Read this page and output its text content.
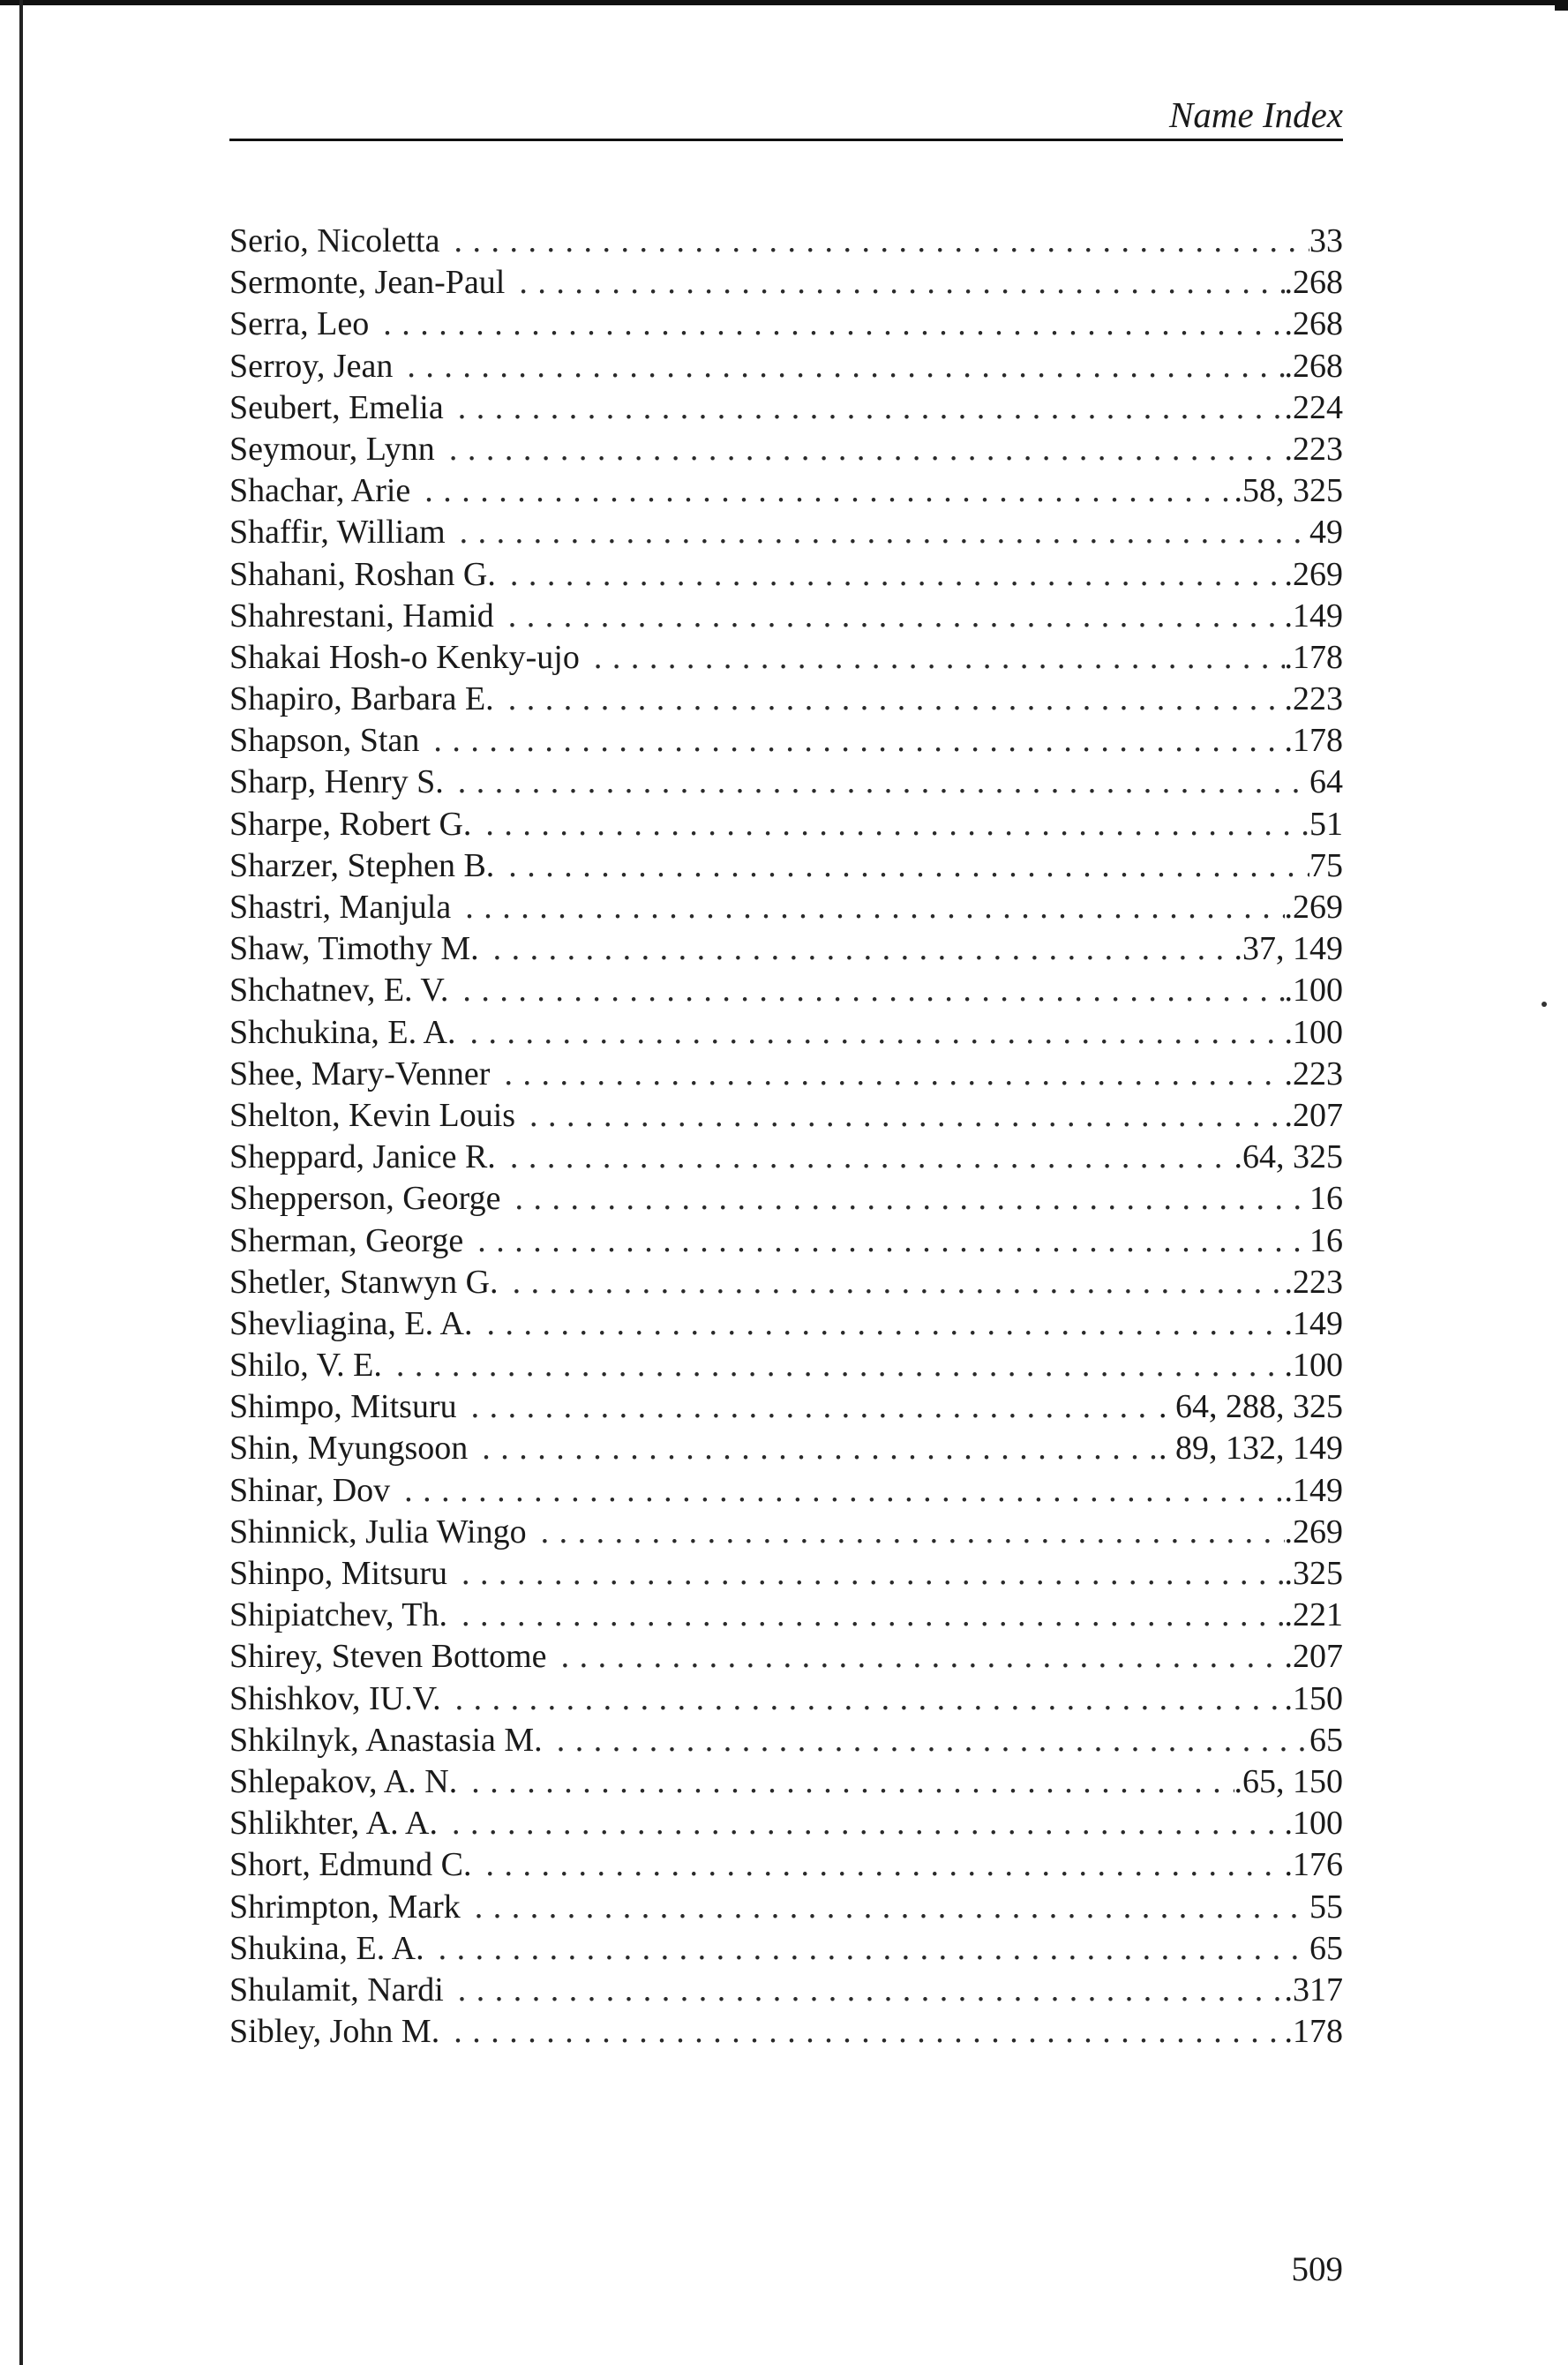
Name Index
Serio, Nicoletta . . .	33
Sermonte, Jean-Paul . . .	.268
Serra, Leo . . .	.268
Serroy, Jean . . .	.268
Seubert, Emelia . . .	.224
Seymour, Lynn . . .	.223
Shachar, Arie . . .	.58, 325
Shaffir, William . . .	49
Shahani, Roshan G. . . .	.269
Shahrestani, Hamid . . .	.149
Shakai Hosh-o Kenky-ujo . . .	.178
Shapiro, Barbara E. . . .	.223
Shapson, Stan . . .	.178
Sharp, Henry S. . . .	64
Sharpe, Robert G. . . .	51
Sharzer, Stephen B. . . .	75
Shastri, Manjula . . .	.269
Shaw, Timothy M. . . .	.37, 149
Shchatnev, E. V. . . .	.100
Shchukina, E. A. . . .	.100
Shee, Mary-Venner . . .	.223
Shelton, Kevin Louis . . .	.207
Sheppard, Janice R. . . .	.64, 325
Shepperson, George . . .	16
Sherman, George . . .	16
Shetler, Stanwyn G. . . .	.223
Shevliagina, E. A. . . .	.149
Shilo, V. E. . . .	.100
Shimpo, Mitsuru . . .	. 64, 288, 325
Shin, Myungsoon . . .	. 89, 132, 149
Shinar, Dov . . .	.149
Shinnick, Julia Wingo . . .	.269
Shinpo, Mitsuru . . .	.325
Shipiatchev, Th. . . .	.221
Shirey, Steven Bottome . . .	.207
Shishkov, IU.V. . . .	.150
Shkilnyk, Anastasia M. . . .	65
Shlepakov, A. N. . . .	.65, 150
Shlikhter, A. A. . . .	.100
Short, Edmund C. . . .	.176
Shrimpton, Mark . . .	55
Shukina, E. A. . . .	65
Shulamit, Nardi . . .	.317
Sibley, John M. . . .	.178
509
